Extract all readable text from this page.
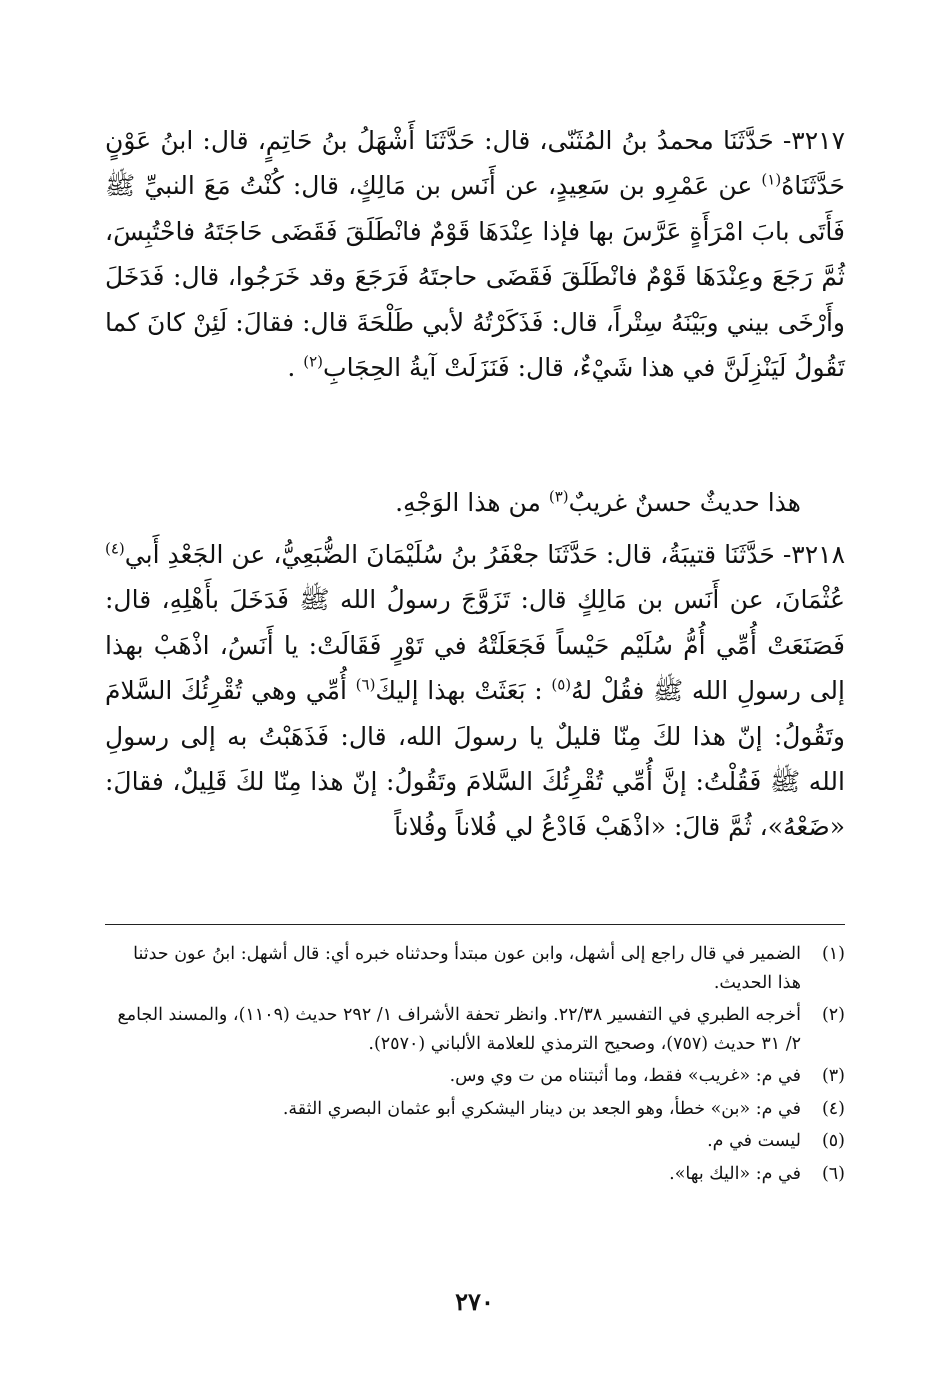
٣٢١٧- حَدَّثَنَا محمدُ بنُ المُثَنّى، قال: حَدَّثَنَا أَشْهَلُ بنُ حَاتِمٍ، قال: ابنُ عَوْنٍ حَدَّثَنَاهُ$^{(١)}$ عن عَمْرِو بن سَعِيدٍ، عن أَنَس بن مَالِكٍ، قال: كُنْتُ مَعَ النبيِّ ﷺ فَأَتَى بابَ امْرَأَةٍ عَرَّسَ بها فإذا عِنْدَهَا قَوْمٌ فانْطَلَقَ فَقَضَى حَاجَتَهُ فاحْتُبِسَ، ثُمَّ رَجَعَ وعِنْدَهَا قَوْمٌ فانْطَلَقَ فَقَضَى حاجتَهُ فَرَجَعَ وقد خَرَجُوا، قال: فَدَخَلَ وأَرْخَى بيني وبَيْنَهُ سِتْراً، قال: فَذَكَرْتُهُ لأبي طَلْحَةَ قال: فقالَ: لَئِنْ كانَ كما تَقُولُ لَيَنْزِلَنَّ في هذا شَيْءٌ، قال: فَنَزَلَتْ آيةُ الحِجَابِ$^{(٢)}$ .

هذا حديثٌ حسنٌ غريبٌ$^{(٣)}$ من هذا الوَجْهِ.

٣٢١٨- حَدَّثَنَا قتيبَةُ، قال: حَدَّثَنَا جعْفَرُ بنُ سُلَيْمَانَ الضُّبَعِيُّ، عن الجَعْدِ أَبي$^{(٤)}$ عُثْمَانَ، عن أَنَس بن مَالِكٍ قال: تَزَوَّجَ رسولُ الله ﷺ فَدَخَلَ بأَهْلِهِ، قال: فَصَنَعَتْ أُمِّي أُمُّ سُلَيْم حَيْساً فَجَعَلَتْهُ في تَوْرٍ فَقَالَتْ: يا أَنَسُ، اذْهَبْ بهذا إلى رسولِ الله ﷺ فقُلْ لهُ$^{(٥)}$ : بَعَثَتْ بهذا إليكَ$^{(٦)}$ أُمِّي وهي تُقْرِئُكَ السَّلامَ وتَقُولُ: إنّ هذا لكَ مِنّا قليلٌ يا رسولَ الله، قال: فَذَهَبْتُ به إلى رسولِ الله ﷺ فَقُلْتُ: إنَّ أُمِّي تُقْرِئُكَ السَّلامَ وتَقُولُ: إنّ هذا مِنّا لكَ قَلِيلٌ، فقالَ: «ضَعْهُ»، ثُمَّ قالَ: «اذْهَبْ فَادْعُ لي فُلاناً وفُلاناً

(١)
الضمير في قال راجع إلى أشهل، وابن عون مبتدأ وحدثناه خبره أي: قال أشهل: ابنُ عون حدثنا هذا الحديث.
(٢)
أخرجه الطبري في التفسير ٢٢/٣٨. وانظر تحفة الأشراف ١/ ٢٩٢ حديث (١١٠٩)، والمسند الجامع ٢/ ٣١ حديث (٧٥٧)، وصحيح الترمذي للعلامة الألباني (٢٥٧٠).
(٣)
في م: «غريب» فقط، وما أثبتناه من ت وي وس.
(٤)
في م: «بن» خطأ، وهو الجعد بن دينار اليشكري أبو عثمان البصري الثقة.
(٥)
ليست في م.
(٦)
في م: «اليك بها».
٢٧٠
